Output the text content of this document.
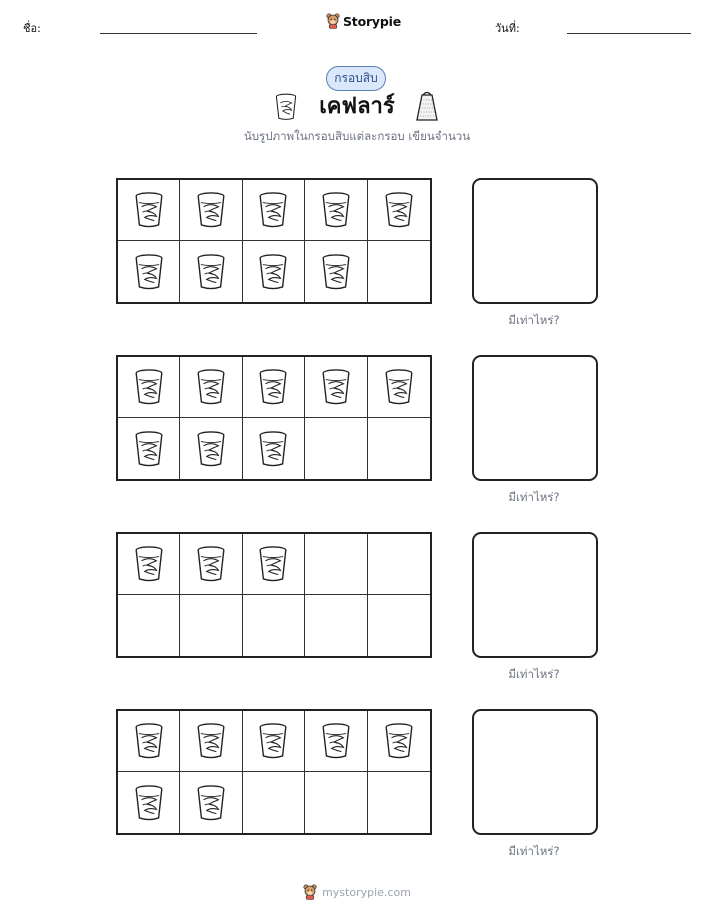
ชื่อ:	Storypie	วันที่:
กรอบสิบ
เคฟลาร์
นับรูปภาพในกรอบสิบแต่ละกรอบ เขียนจำนวน
มีเท่าไหร่?
มีเท่าไหร่?
มีเท่าไหร่?
มีเท่าไหร่?
mystorypie.com
